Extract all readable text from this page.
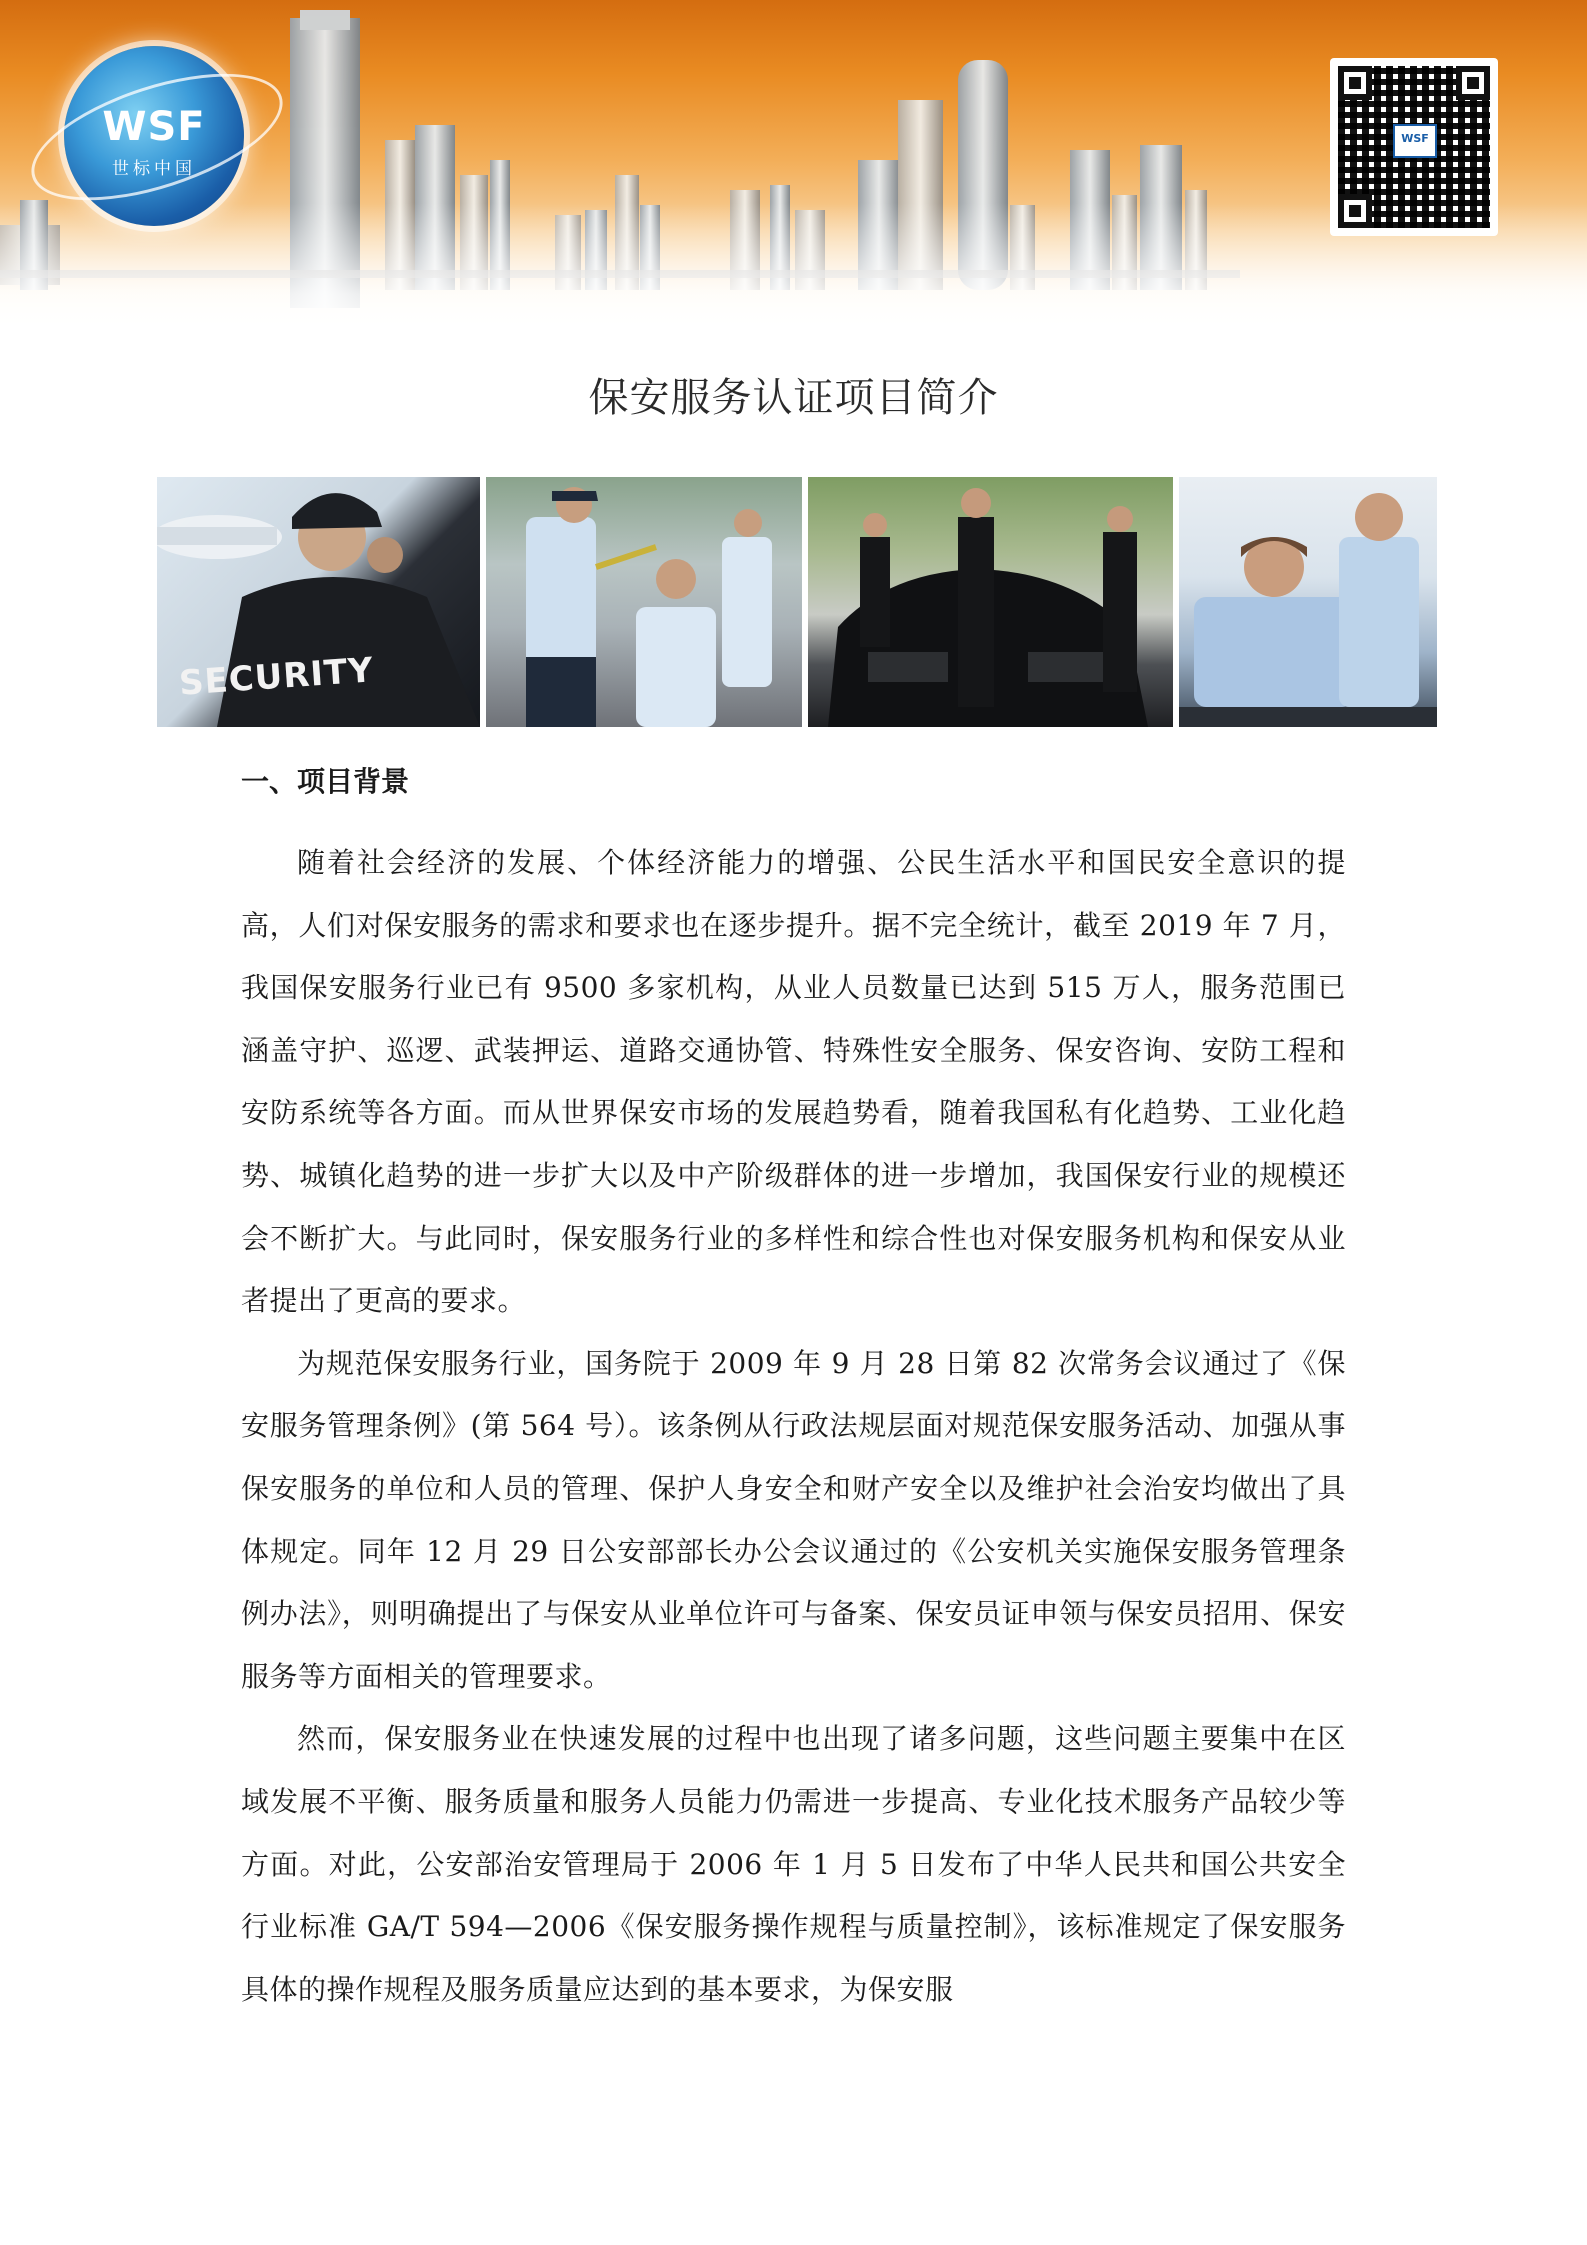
WSF
世标中国
WSF
保安服务认证项目简介
SECURITY
一、项目背景

随着社会经济的发展、个体经济能力的增强、公民生活水平和国民安全意识的提高，人们对保安服务的需求和要求也在逐步提升。据不完全统计，截至 2019 年 7 月，我国保安服务行业已有 9500 多家机构，从业人员数量已达到 515 万人，服务范围已涵盖守护、巡逻、武装押运、道路交通协管、特殊性安全服务、保安咨询、安防工程和安防系统等各方面。而从世界保安市场的发展趋势看，随着我国私有化趋势、工业化趋势、城镇化趋势的进一步扩大以及中产阶级群体的进一步增加，我国保安行业的规模还会不断扩大。与此同时，保安服务行业的多样性和综合性也对保安服务机构和保安从业者提出了更高的要求。

为规范保安服务行业，国务院于 2009 年 9 月 28 日第 82 次常务会议通过了《保安服务管理条例》(第 564 号）。该条例从行政法规层面对规范保安服务活动、加强从事保安服务的单位和人员的管理、保护人身安全和财产安全以及维护社会治安均做出了具体规定。同年 12 月 29 日公安部部长办公会议通过的《公安机关实施保安服务管理条例办法》，则明确提出了与保安从业单位许可与备案、保安员证申领与保安员招用、保安服务等方面相关的管理要求。

然而，保安服务业在快速发展的过程中也出现了诸多问题，这些问题主要集中在区域发展不平衡、服务质量和服务人员能力仍需进一步提高、专业化技术服务产品较少等方面。对此，公安部治安管理局于 2006 年 1 月 5 日发布了中华人民共和国公共安全行业标准 GA/T 594—2006《保安服务操作规程与质量控制》，该标准规定了保安服务具体的操作规程及服务质量应达到的基本要求，为保安服
